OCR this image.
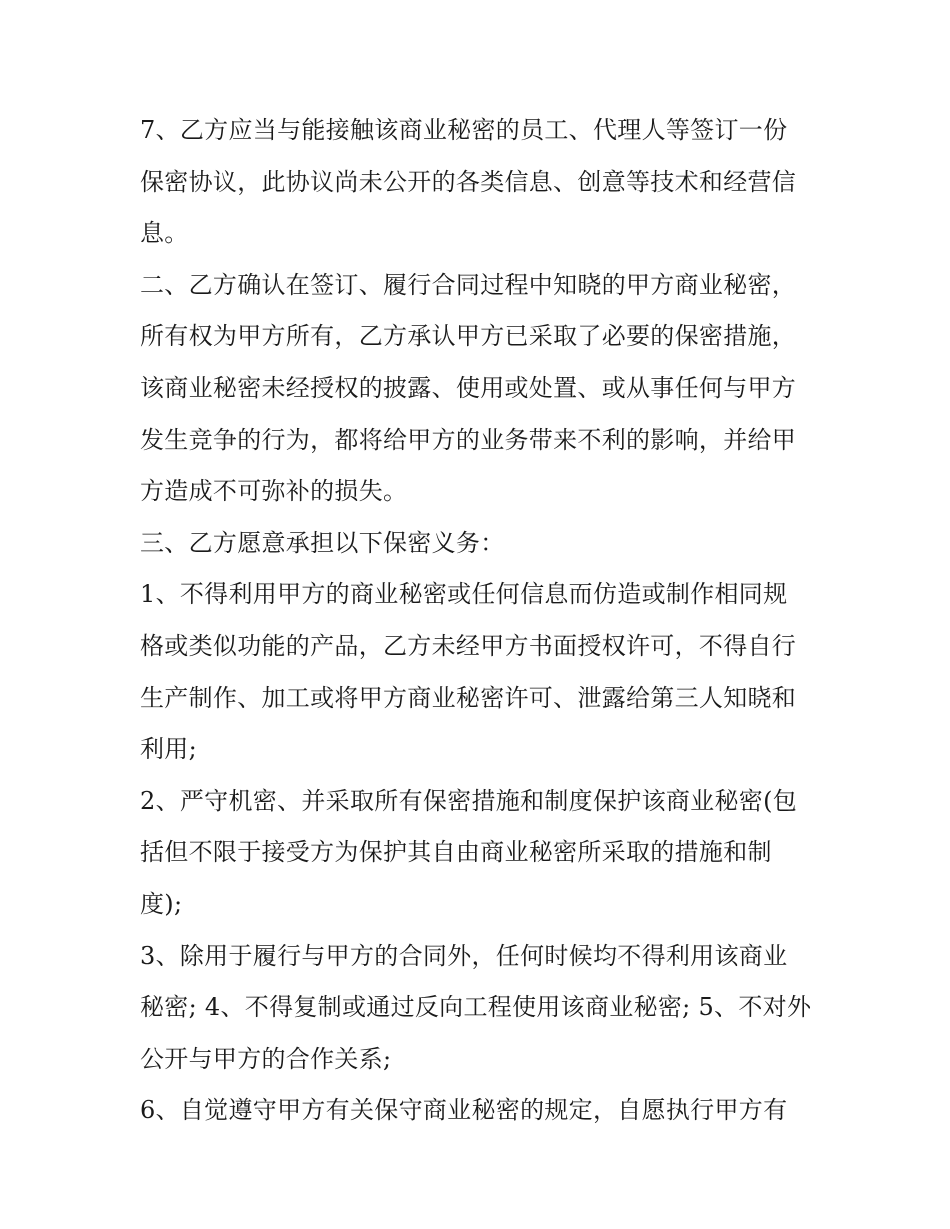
7、乙方应当与能接触该商业秘密的员工、代理人等签订一份
保密协议，此协议尚未公开的各类信息、创意等技术和经营信
息。
二、乙方确认在签订、履行合同过程中知晓的甲方商业秘密，
所有权为甲方所有，乙方承认甲方已采取了必要的保密措施，
该商业秘密未经授权的披露、使用或处置、或从事任何与甲方
发生竞争的行为，都将给甲方的业务带来不利的影响，并给甲
方造成不可弥补的损失。
三、乙方愿意承担以下保密义务：
1、不得利用甲方的商业秘密或任何信息而仿造或制作相同规
格或类似功能的产品，乙方未经甲方书面授权许可，不得自行
生产制作、加工或将甲方商业秘密许可、泄露给第三人知晓和
利用;
2、严守机密、并采取所有保密措施和制度保护该商业秘密(包
括但不限于接受方为保护其自由商业秘密所采取的措施和制
度);
3、除用于履行与甲方的合同外，任何时候均不得利用该商业
秘密; 4、不得复制或通过反向工程使用该商业秘密; 5、不对外
公开与甲方的合作关系;
6、自觉遵守甲方有关保守商业秘密的规定，自愿执行甲方有
